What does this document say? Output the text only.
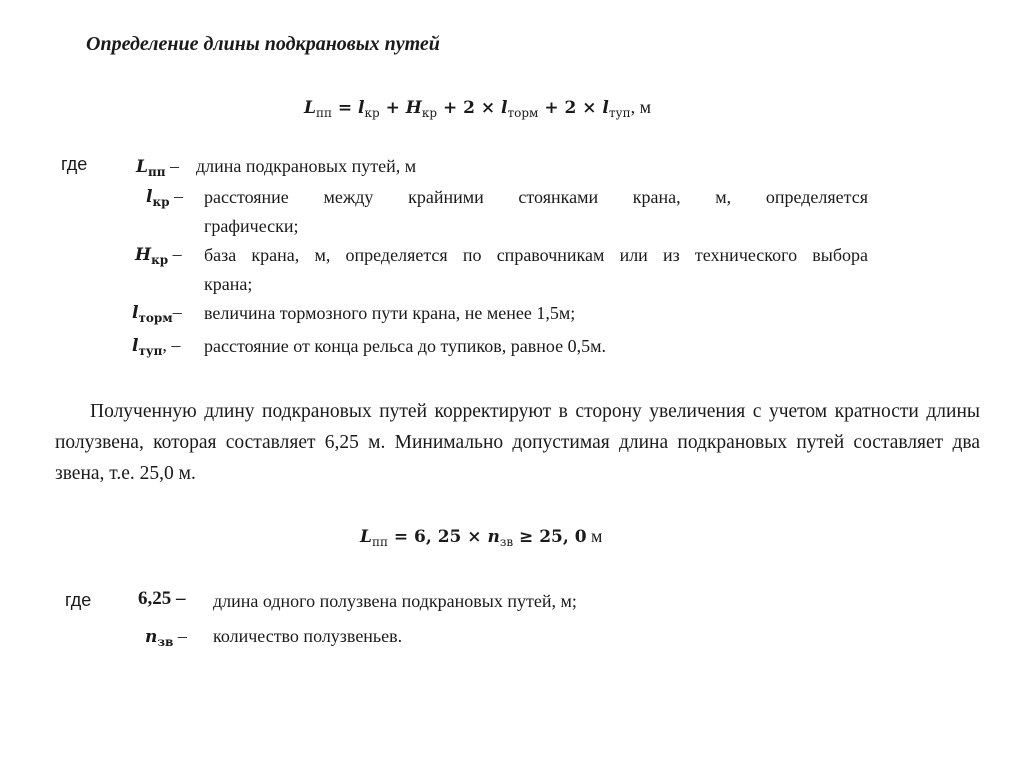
Определение длины подкрановых путей
$L_{пп} = l_{кр} + H_{кр} + 2 \times l_{торм} + 2 \times l_{туп}$, м
где	$L_{пп}$ –
$l_{кр}$ –
$H_{кр}$ –
$l_{торм}-$
$l_{туп}$, –
длина подкрановых путей, м
расстояние между крайними стоянками крана, м, определяется
графически;
база крана, м, определяется по справочникам или из технического выбора
крана;
величина тормозного пути крана, не менее 1,5м;
расстояние от конца рельса до тупиков, равное 0,5м.
Полученную длину подкрановых путей корректируют в сторону увеличения с учетом кратности длины полузвена, которая составляет 6,25 м. Минимально допустимая длина подкрановых путей составляет два звена, т.е. 25,0 м.
$L_{пп} = 6$, $25 \times n_{зв} \ge 25$, 0 м
где 6,25 – длина одного полузвена подкрановых путей, м;
$n_{зв}$ – количество полузвеньев.
